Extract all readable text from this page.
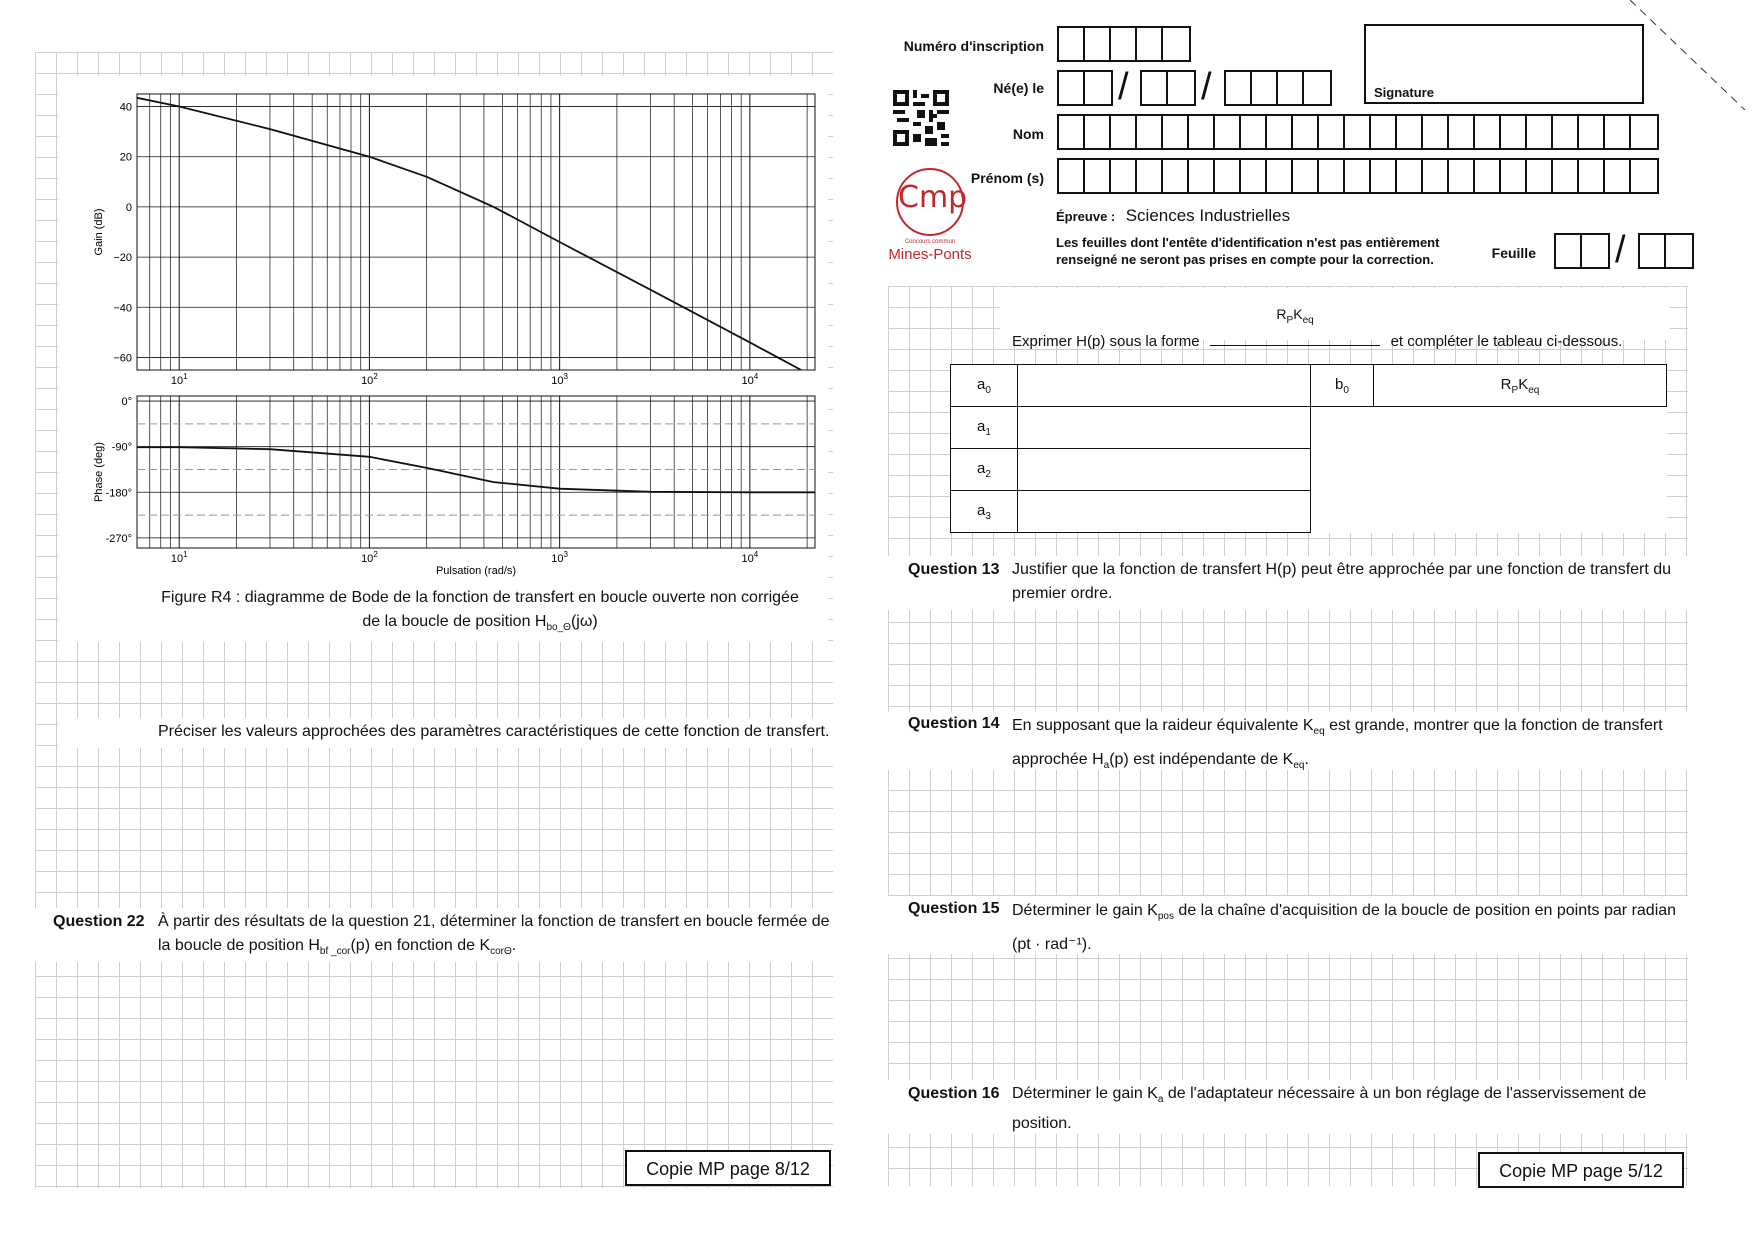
40
20
0
−20
−40
−60
$10^1$	$10^2$	$10^3$	$10^4$
Gain (dB)
0°
-90°
-180°
-270°
$10^1$	$10^2$	$10^3$	$10^4$
Phase (deg)
Pulsation (rad/s)
Figure R4 : diagramme de Bode de la fonction de transfert en boucle ouverte non corrigée
de la boucle de position $H_{bo\_\Theta}(j\omega)$
Préciser les valeurs approchées des paramètres caractéristiques de cette fonction de transfert.
Question 22 À partir des résultats de la question 21, déterminer la fonction de transfert en boucle fermée de
la boucle de position $H_{bf \_cor}(p)$ en fonction de $K_{cor\Theta}$.
Copie MP page 8/12
Cmp
Concours commun
Mines-Ponts
Numéro d'inscription
Né(e) le / /	Signature
Nom
Prénom (s)
Épreuve : Sciences Industrielles
Les feuilles dont l'entête d'identification n'est pas entièrement
renseigné ne seront pas prises en compte pour la correction.	Feuille /
Exprimer H(p) sous la forme
$R_PK_{eq}$
et compléter le tableau ci-dessous.
$a_0$		$b_0$	$R_PK_{eq}$
$a_1$		
$a_2$		
$a_3$		
Question 13 Justifier que la fonction de transfert H(p) peut être approchée par une fonction de transfert du
premier ordre.
Question 14 En supposant que la raideur équivalente $K_{eq}$ est grande, montrer que la fonction de transfert
approchée $H_a(p)$ est indépendante de $K_{eq}$.
Question 15 Déterminer le gain $K_{pos}$ de la chaîne d'acquisition de la boucle de position en points par radian
(pt · rad⁻¹).
Question 16 Déterminer le gain $K_a$ de l'adaptateur nécessaire à un bon réglage de l'asservissement de
position.
Copie MP page 5/12
